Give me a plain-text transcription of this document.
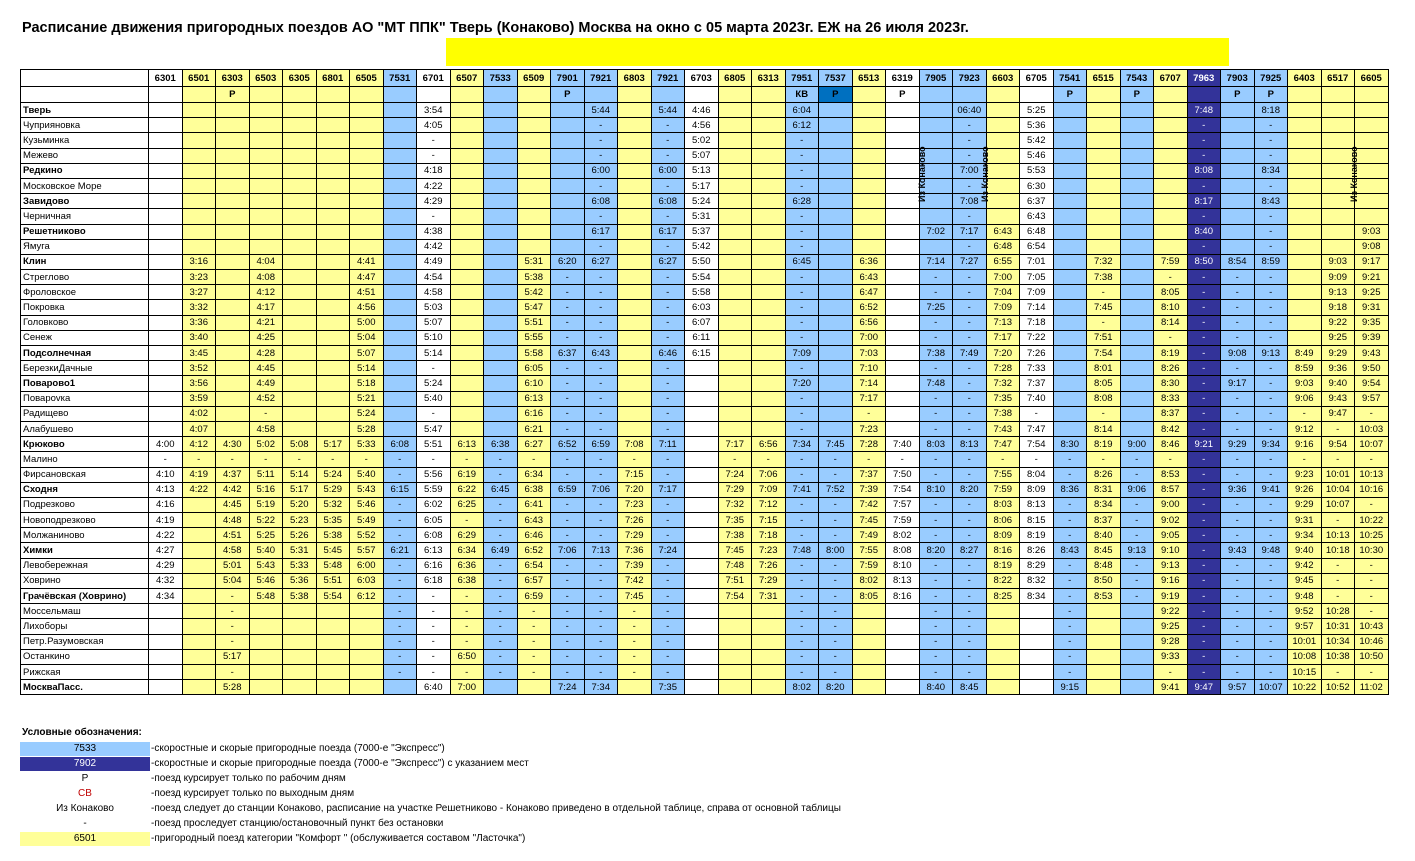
Расписание движения пригородных поездов АО "МТ ППК" Тверь (Конаково) Москва на окно с 05 марта 2023г. ЕЖ на 26 июля 2023г.
	6301	6501	6303	6503	6305	6801	6505	7531	6701	6507	7533	6509	7901	7921	6803	7921	6703	6805	6313	7951	7537	6513	6319	7905	7923	6603	6705	7541	6515	7543	6707	7963	7903	7925	6403	6517	6605
			Р										Р							КВ	Р		Р					Р		Р			Р	Р			
Тверь									3:54					5:44		5:44	4:46			6:04					06:40		5:25					7:48		8:18			
Чуприяновка									4:05					-		-	4:56			6:12					-		5:36					-		-			
Кузьминка									-					-		-	5:02			-					-		5:42					-		-			
Межево									-					-		-	5:07			-					-		5:46					-		-			
Редкино									4:18					6:00		6:00	5:13			-					7:00		5:53					8:08		8:34			
Московское Море									4:22					-		-	5:17			-					-		6:30					-		-			
Завидово									4:29					6:08		6:08	5:24			6:28					7:08		6:37					8:17		8:43			
Черничная									-					-		-	5:31			-					-		6:43					-		-			
Решетниково									4:38					6:17		6:17	5:37			-				7:02	7:17	6:43	6:48					8:40		-			9:03
Ямуга									4:42					-		-	5:42			-					-	6:48	6:54					-		-			9:08
Клин		3:16		4:04			4:41		4:49			5:31	6:20	6:27		6:27	5:50			6:45		6:36		7:14	7:27	6:55	7:01		7:32		7:59	8:50	8:54	8:59		9:03	9:17
Стреглово		3:23		4:08			4:47		4:54			5:38	-	-		-	5:54			-		6:43		-	-	7:00	7:05		7:38		-	-	-	-		9:09	9:21
Фроловское		3:27		4:12			4:51		4:58			5:42	-	-		-	5:58			-		6:47		-	-	7:04	7:09		-		8:05	-	-	-		9:13	9:25
Покровка		3:32		4:17			4:56		5:03			5:47	-	-		-	6:03			-		6:52		7:25	-	7:09	7:14		7:45		8:10	-	-	-		9:18	9:31
Головково		3:36		4:21			5:00		5:07			5:51	-	-		-	6:07			-		6:56		-	-	7:13	7:18		-		8:14	-	-	-		9:22	9:35
Сенеж		3:40		4:25			5:04		5:10			5:55	-	-		-	6:11			-		7:00		-	-	7:17	7:22		7:51		-	-	-	-		9:25	9:39
Подсолнечная		3:45		4:28			5:07		5:14			5:58	6:37	6:43		6:46	6:15			7:09		7:03		7:38	7:49	7:20	7:26		7:54		8:19	-	9:08	9:13	8:49	9:29	9:43
БерезкиДачные		3:52		4:45			5:14		-			6:05	-	-		-				-		7:10		-	-	7:28	7:33		8:01		8:26	-	-	-	8:59	9:36	9:50
Поварово1		3:56		4:49			5:18		5:24			6:10	-	-		-				7:20		7:14		7:48	-	7:32	7:37		8:05		8:30	-	9:17	-	9:03	9:40	9:54
Поварovка		3:59		4:52			5:21		5:40			6:13	-	-		-				-		7:17		-	-	7:35	7:40		8:08		8:33	-	-	-	9:06	9:43	9:57
Радищево		4:02		-			5:24		-			6:16	-	-		-				-		-		-	-	7:38	-		-		8:37	-	-	-	-	9:47	-
Алабушево		4:07		4:58			5:28		5:47			6:21	-	-		-				-		7:23		-	-	7:43	7:47		8:14		8:42	-	-	-	9:12	-	10:03
Крюково	4:00	4:12	4:30	5:02	5:08	5:17	5:33	6:08	5:51	6:13	6:38	6:27	6:52	6:59	7:08	7:11		7:17	6:56	7:34	7:45	7:28	7:40	8:03	8:13	7:47	7:54	8:30	8:19	9:00	8:46	9:21	9:29	9:34	9:16	9:54	10:07
Малино	-	-	-	-	-	-	-	-	-	-	-	-	-	-	-	-		-	-	-	-	-	-	-	-	-	-	-	-	-	-	-	-	-	-	-	-
Фирсановская	4:10	4:19	4:37	5:11	5:14	5:24	5:40	-	5:56	6:19	-	6:34	-	-	7:15	-		7:24	7:06	-	-	7:37	7:50	-	-	7:55	8:04	-	8:26	-	8:53	-	-	-	9:23	10:01	10:13
Сходня	4:13	4:22	4:42	5:16	5:17	5:29	5:43	6:15	5:59	6:22	6:45	6:38	6:59	7:06	7:20	7:17		7:29	7:09	7:41	7:52	7:39	7:54	8:10	8:20	7:59	8:09	8:36	8:31	9:06	8:57	-	9:36	9:41	9:26	10:04	10:16
Подрезково	4:16		4:45	5:19	5:20	5:32	5:46	-	6:02	6:25	-	6:41	-	-	7:23	-		7:32	7:12	-	-	7:42	7:57	-	-	8:03	8:13	-	8:34	-	9:00	-	-	-	9:29	10:07	-
Новоподрезково	4:19		4:48	5:22	5:23	5:35	5:49	-	6:05	-	-	6:43	-	-	7:26	-		7:35	7:15	-	-	7:45	7:59	-	-	8:06	8:15	-	8:37	-	9:02	-	-	-	9:31	-	10:22
Молжаниново	4:22		4:51	5:25	5:26	5:38	5:52	-	6:08	6:29	-	6:46	-	-	7:29	-		7:38	7:18	-	-	7:49	8:02	-	-	8:09	8:19	-	8:40	-	9:05	-	-	-	9:34	10:13	10:25
Химки	4:27		4:58	5:40	5:31	5:45	5:57	6:21	6:13	6:34	6:49	6:52	7:06	7:13	7:36	7:24		7:45	7:23	7:48	8:00	7:55	8:08	8:20	8:27	8:16	8:26	8:43	8:45	9:13	9:10	-	9:43	9:48	9:40	10:18	10:30
Левобережная	4:29		5:01	5:43	5:33	5:48	6:00	-	6:16	6:36	-	6:54	-	-	7:39	-		7:48	7:26	-	-	7:59	8:10	-	-	8:19	8:29	-	8:48	-	9:13	-	-	-	9:42	-	-
Ховрино	4:32		5:04	5:46	5:36	5:51	6:03	-	6:18	6:38	-	6:57	-	-	7:42	-		7:51	7:29	-	-	8:02	8:13	-	-	8:22	8:32	-	8:50	-	9:16	-	-	-	9:45	-	-
Грачёвская (Ховрино)	4:34		-	5:48	5:38	5:54	6:12	-	-	-	-	6:59	-	-	7:45	-		7:54	7:31	-	-	8:05	8:16	-	-	8:25	8:34	-	8:53	-	9:19	-	-	-	9:48	-	-
Моссельмаш			-					-	-	-	-	-	-	-	-	-				-	-			-	-			-			9:22	-	-	-	9:52	10:28	-
Лихоборы			-					-	-	-	-	-	-	-	-	-				-	-			-	-			-			9:25	-	-	-	9:57	10:31	10:43
Петр.Разумовская			-					-	-	-	-	-	-	-	-	-				-	-			-	-			-			9:28	-	-	-	10:01	10:34	10:46
Останкино			5:17					-	-	6:50	-	-	-	-	-	-				-	-			-	-			-			9:33	-	-	-	10:08	10:38	10:50
Рижская			-					-	-	-	-	-	-	-	-	-				-	-			-	-			-			-	-	-	-	10:15	-	-
МоскваПасс.			5:28						6:40	7:00			7:24	7:34		7:35				8:02	8:20			8:40	8:45			9:15			9:41	9:47	9:57	10:07	10:22	10:52	11:02
Из Конаково	Из Конаково	Из Конаково
Условные обозначения:
7533	-скоростные и скорые пригородные поезда (7000-е "Экспресс")
7902	-скоростные и скорые пригородные поезда (7000-е "Экспресс") с указанием мест
Р	-поезд курсирует только по рабочим дням
СВ	-поезд курсирует только по выходным дням
Из Конаково	-поезд следует до станции Конаково, расписание на участке Решетниково - Конаково приведено в отдельной таблице, справа от основной таблицы
-	-поезд проследует станцию/остановочный пункт без остановки
6501	-пригородный поезд категории "Комфорт " (обслуживается составом "Ласточка")
